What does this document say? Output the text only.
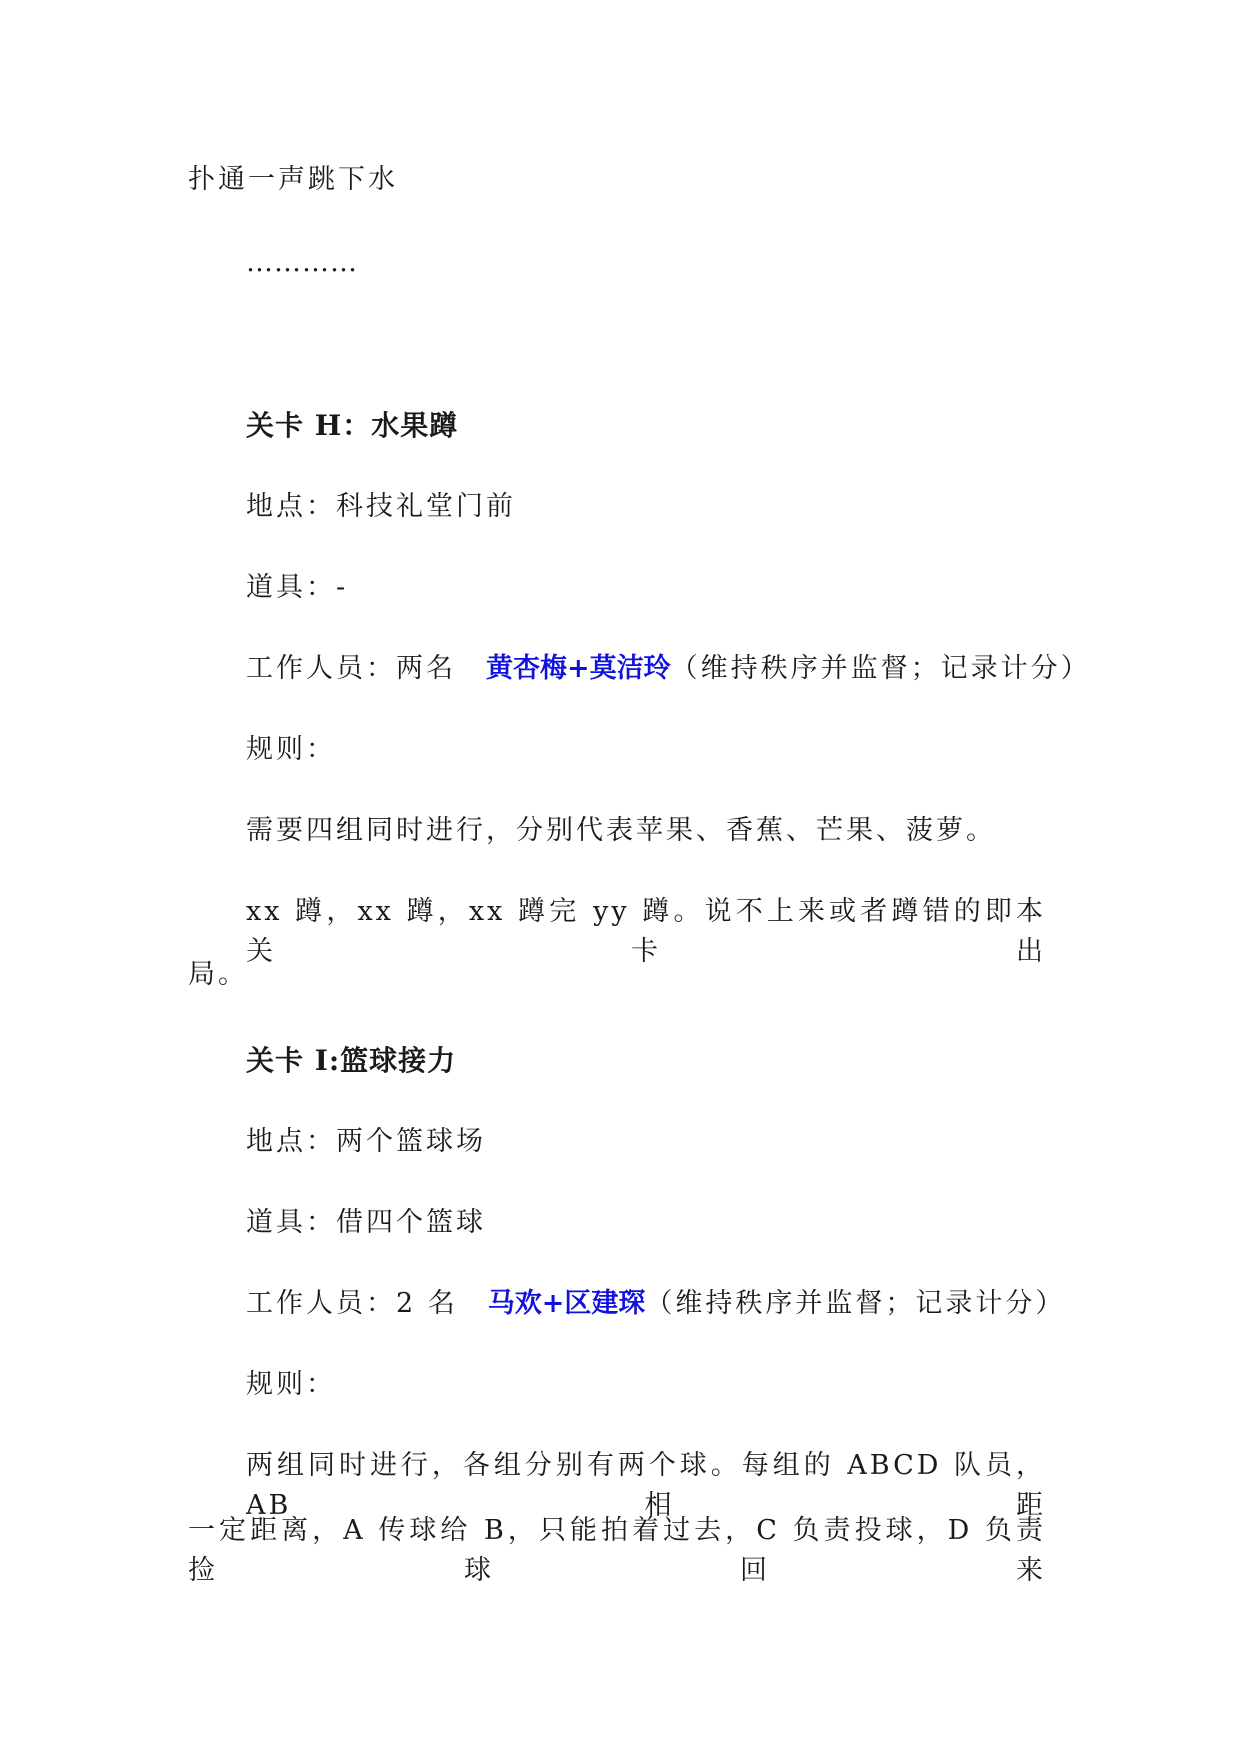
扑通一声跳下水
…………
关卡 H：水果蹲
地点：科技礼堂门前
道具：-
工作人员：两名　黄杏梅+莫洁玲（维持秩序并监督；记录计分）
规则：
需要四组同时进行，分别代表苹果、香蕉、芒果、菠萝。
xx 蹲，xx 蹲，xx 蹲完 yy 蹲。说不上来或者蹲错的即本关卡出
局。
关卡 I:篮球接力
地点：两个篮球场
道具：借四个篮球
工作人员：2 名　马欢+区建琛（维持秩序并监督；记录计分）
规则：
两组同时进行，各组分别有两个球。每组的 ABCD 队员，AB 相距
一定距离，A 传球给 B，只能拍着过去，C 负责投球，D 负责捡球回来
